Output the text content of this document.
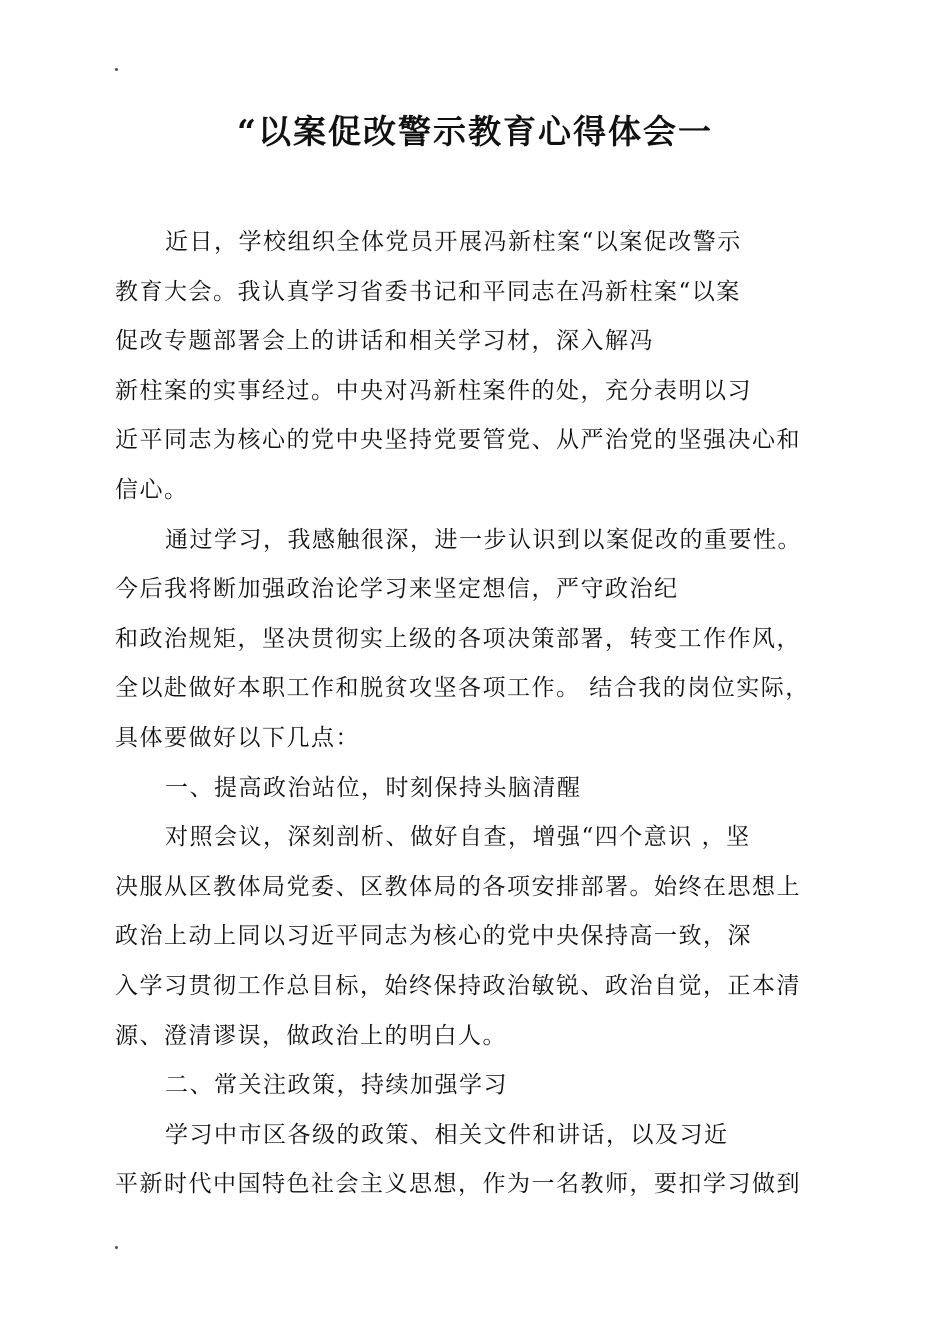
“以案促改警示教育心得体会一
近日，学校组织全体党员开展冯新柱案“以案促改警示
教育大会。我认真学习省委书记和平同志在冯新柱案“以案
促改专题部署会上的讲话和相关学习材，深入解冯
新柱案的实事经过。中央对冯新柱案件的处，充分表明以习
近平同志为核心的党中央坚持党要管党、从严治党的坚强决心和
信心。
通过学习，我感触很深，进一步认识到以案促改的重要性。
今后我将断加强政治论学习来坚定想信，严守政治纪
和政治规矩，坚决贯彻实上级的各项决策部署，转变工作作风，
全以赴做好本职工作和脱贫攻坚各项工作。 结合我的岗位实际，
具体要做好以下几点：
一、提高政治站位，时刻保持头脑清醒
对照会议，深刻剖析、做好自查，增强“四个意识 ，坚
决服从区教体局党委、区教体局的各项安排部署。始终在思想上
政治上动上同以习近平同志为核心的党中央保持高一致，深
入学习贯彻工作总目标，始终保持政治敏锐、政治自觉，正本清
源、澄清谬误，做政治上的明白人。
二、常关注政策，持续加强学习
学习中市区各级的政策、相关文件和讲话，以及习近
平新时代中国特色社会主义思想，作为一名教师，要扣学习做到
